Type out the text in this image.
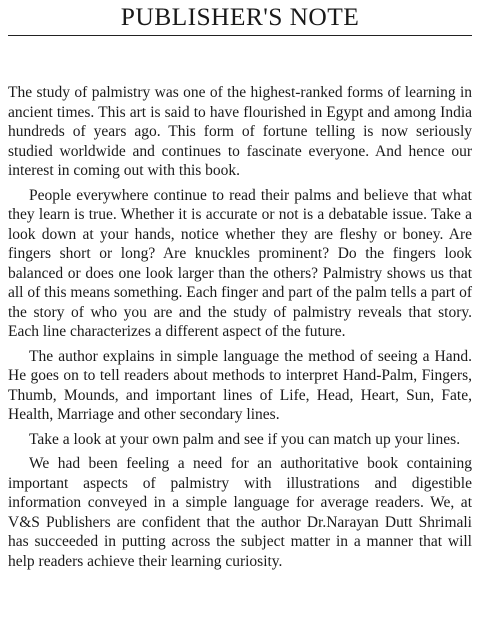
PUBLISHER'S NOTE

The study of palmistry was one of the highest-ranked forms of learning in ancient times. This art is said to have flourished in Egypt and among India hundreds of years ago. This form of fortune telling is now seriously studied worldwide and continues to fascinate everyone. And hence our interest in coming out with this book.

People everywhere continue to read their palms and believe that what they learn is true. Whether it is accurate or not is a debatable issue. Take a look down at your hands, notice whether they are fleshy or boney. Are fingers short or long? Are knuckles prominent? Do the fingers look balanced or does one look larger than the others? Palmistry shows us that all of this means something. Each finger and part of the palm tells a part of the story of who you are and the study of palmistry reveals that story. Each line characterizes a different aspect of the future.

The author explains in simple language the method of seeing a Hand. He goes on to tell readers about methods to interpret Hand-Palm, Fingers, Thumb, Mounds, and important lines of Life, Head, Heart, Sun, Fate, Health, Marriage and other secondary lines.

Take a look at your own palm and see if you can match up your lines.

We had been feeling a need for an authoritative book containing important aspects of palmistry with illustrations and digestible information conveyed in a simple language for average readers. We, at V&S Publishers are confident that the author Dr.Narayan Dutt Shrimali has succeeded in putting across the subject matter in a manner that will help readers achieve their learning curiosity.
